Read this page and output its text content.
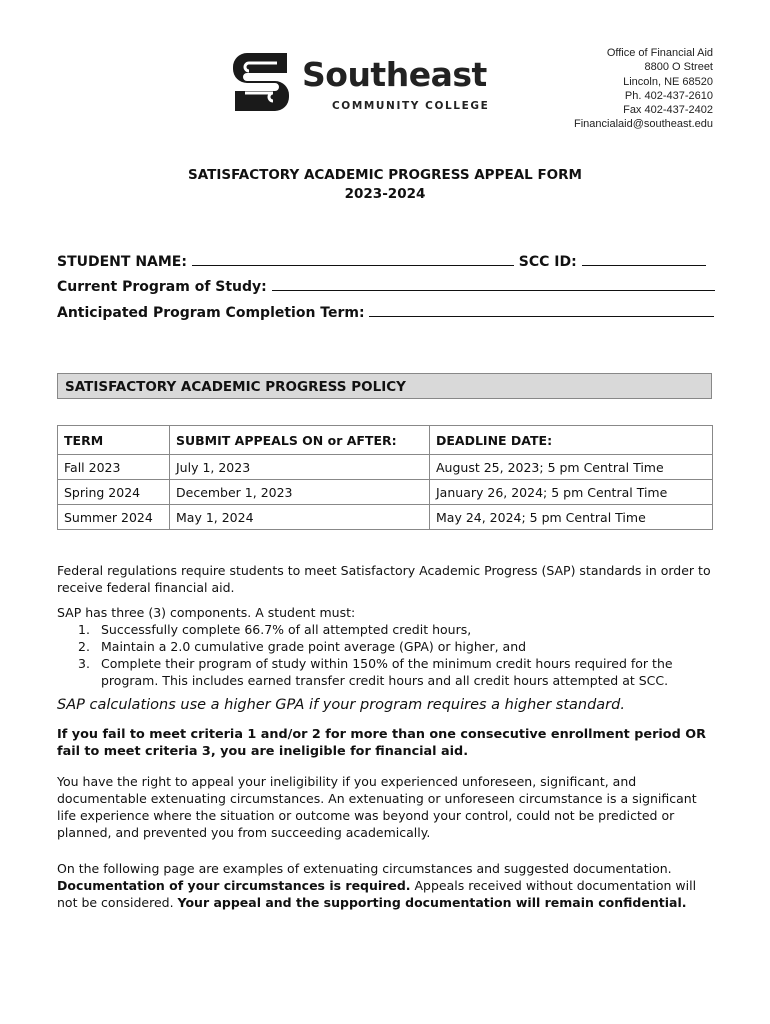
Southeast
COMMUNITY COLLEGE
Office of Financial Aid
8800 O Street
Lincoln, NE 68520
Ph. 402-437-2610
Fax 402-437-2402
Financialaid@southeast.edu
SATISFACTORY ACADEMIC PROGRESS APPEAL FORM
2023-2024
STUDENT NAME:	SCC ID:
Current Program of Study:
Anticipated Program Completion Term:
SATISFACTORY ACADEMIC PROGRESS POLICY
TERM	SUBMIT APPEALS ON or AFTER:	DEADLINE DATE:
Fall 2023	July 1, 2023	August 25, 2023; 5 pm Central Time
Spring 2024	December 1, 2023	January 26, 2024; 5 pm Central Time
Summer 2024	May 1, 2024	May 24, 2024; 5 pm Central Time
Federal regulations require students to meet Satisfactory Academic Progress (SAP) standards in order to receive federal financial aid.
SAP has three (3) components. A student must:
1. Successfully complete 66.7% of all attempted credit hours,
2. Maintain a 2.0 cumulative grade point average (GPA) or higher, and
3. Complete their program of study within 150% of the minimum credit hours required for the program. This includes earned transfer credit hours and all credit hours attempted at SCC.
SAP calculations use a higher GPA if your program requires a higher standard.
If you fail to meet criteria 1 and/or 2 for more than one consecutive enrollment period OR fail to meet criteria 3, you are ineligible for financial aid.
You have the right to appeal your ineligibility if you experienced unforeseen, significant, and documentable extenuating circumstances. An extenuating or unforeseen circumstance is a significant life experience where the situation or outcome was beyond your control, could not be predicted or planned, and prevented you from succeeding academically.
On the following page are examples of extenuating circumstances and suggested documentation.
Documentation of your circumstances is required. Appeals received without documentation will not be considered. Your appeal and the supporting documentation will remain confidential.
